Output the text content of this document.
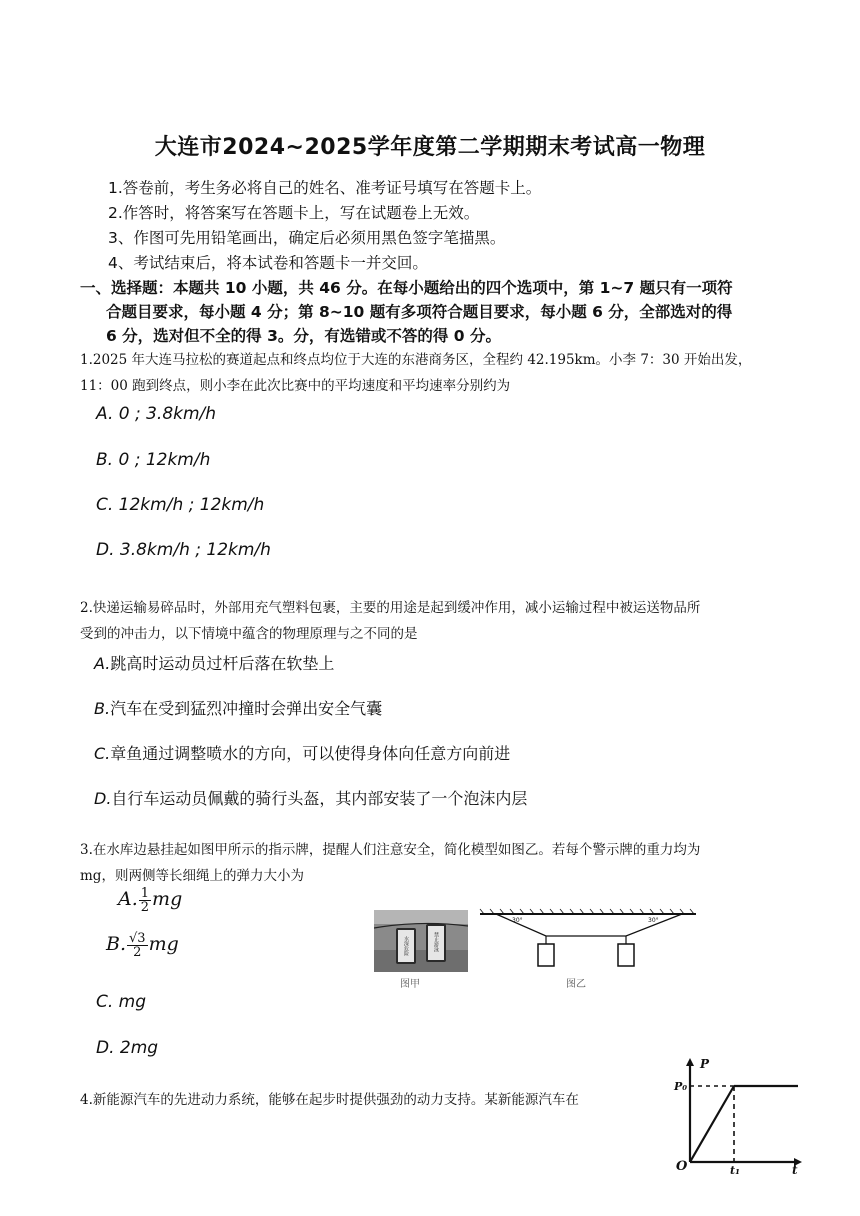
大连市2024~2025学年度第二学期期末考试高一物理
1.答卷前，考生务必将自己的姓名、准考证号填写在答题卡上。
2.作答时，将答案写在答题卡上，写在试题卷上无效。
3、作图可先用铅笔画出，确定后必须用黑色签字笔描黑。
4、考试结束后，将本试卷和答题卡一并交回。
一、选择题：本题共 10 小题，共 46 分。在每小题给出的四个选项中，第 1~7 题只有一项符
合题目要求，每小题 4 分；第 8~10 题有多项符合题目要求，每小题 6 分，全部选对的得
6 分，选对但不全的得 3。分，有选错或不答的得 0 分。
1.2025 年大连马拉松的赛道起点和终点均位于大连的东港商务区，全程约 42.195km。小李 7：30 开始出发，
11：00 跑到终点，则小李在此次比赛中的平均速度和平均速率分别约为
A. 0 ; 3.8km/h
B. 0 ; 12km/h
C. 12km/h ; 12km/h
D. 3.8km/h ; 12km/h
2.快递运输易碎品时，外部用充气塑料包裹，主要的用途是起到缓冲作用，减小运输过程中被运送物品所
受到的冲击力，以下情境中蕴含的物理原理与之不同的是
A.跳高时运动员过杆后落在软垫上
B.汽车在受到猛烈冲撞时会弹出安全气囊
C.章鱼通过调整喷水的方向，可以使得身体向任意方向前进
D.自行车运动员佩戴的骑行头盔，其内部安装了一个泡沫内层
3.在水库边悬挂起如图甲所示的指示牌，提醒人们注意安全，简化模型如图乙。若每个警示牌的重力均为
mg，则两侧等长细绳上的弹力大小为
A. $\frac{1}{2}$ mg
B. $\frac{√3}{2}$ mg
C. mg
D. 2mg
水深危险	禁止游泳
图甲
30°	30°
图乙
4.新能源汽车的先进动力系统，能够在起步时提供强劲的动力支持。某新能源汽车在
P
P₀
O	t₁	t
